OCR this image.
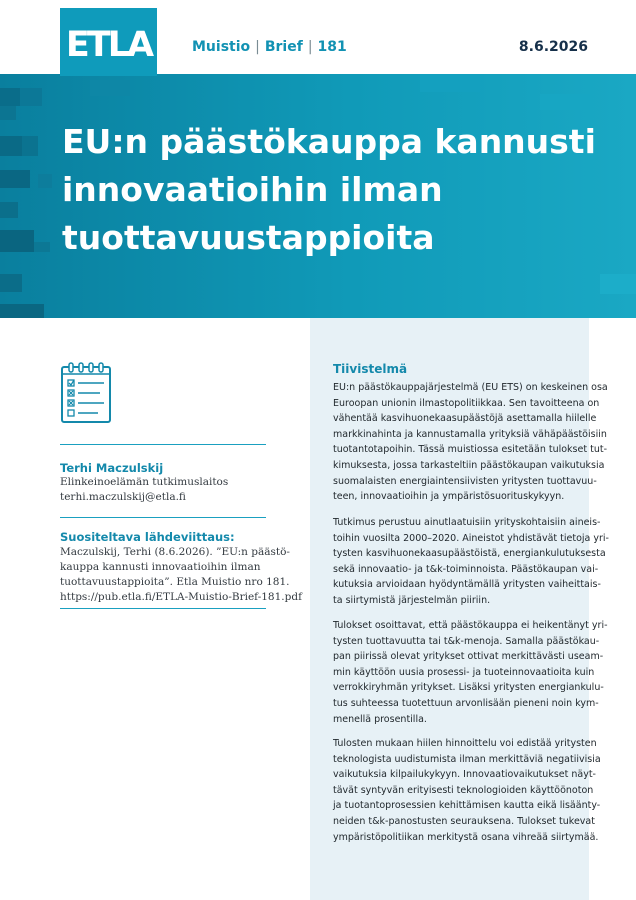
ETLA	Muistio | Brief | 181	8.6.2026
EU:n päästökauppa kannusti
innovaatioihin ilman
tuottavuustappioita
Terhi Maczulskij
Elinkeinoelämän tutkimuslaitos
terhi.maczulskij@etla.fi
Suositeltava lähdeviittaus:

Maczulskij, Terhi (8.6.2026). ”EU:n päästö-
kauppa kannusti innovaatioihin ilman
tuottavuustappioita”. Etla Muistio nro 181.
https://pub.etla.fi/ETLA-Muistio-Brief-181.pdf

Tiivistelmä

EU:n päästökauppajärjestelmä (EU ETS) on keskeinen osa
Euroopan unionin ilmastopolitiikkaa. Sen tavoitteena on
vähentää kasvihuonekaasupäästöjä asettamalla hiilelle
markkinahinta ja kannustamalla yrityksiä vähäpäästöisiin
tuotantotapoihin. Tässä muistiossa esitetään tulokset tut-
kimuksesta, jossa tarkasteltiin päästökaupan vaikutuksia
suomalaisten energiaintensiivisten yritysten tuottavuu-
teen, innovaatioihin ja ympäristösuorituskykyyn.

Tutkimus perustuu ainutlaatuisiin yrityskohtaisiin aineis-
toihin vuosilta 2000–2020. Aineistot yhdistävät tietoja yri-
tysten kasvihuonekaasupäästöistä, energiankulutuksesta
sekä innovaatio- ja t&k-toiminnoista. Päästökaupan vai-
kutuksia arvioidaan hyödyntämällä yritysten vaiheittais-
ta siirtymistä järjestelmän piiriin.

Tulokset osoittavat, että päästökauppa ei heikentänyt yri-
tysten tuottavuutta tai t&k-menoja. Samalla päästökau-
pan piirissä olevat yritykset ottivat merkittävästi useam-
min käyttöön uusia prosessi- ja tuoteinnovaatioita kuin
verrokkiryhmän yritykset. Lisäksi yritysten energiankulu-
tus suhteessa tuotettuun arvonlisään pieneni noin kym-
menellä prosentilla.

Tulosten mukaan hiilen hinnoittelu voi edistää yritysten
teknologista uudistumista ilman merkittäviä negatiivisia
vaikutuksia kilpailukykyyn. Innovaatiovaikutukset näyt-
tävät syntyvän erityisesti teknologioiden käyttöönoton
ja tuotantoprosessien kehittämisen kautta eikä lisäänty-
neiden t&k-panostusten seurauksena. Tulokset tukevat
ympäristöpolitiikan merkitystä osana vihreää siirtymää.
